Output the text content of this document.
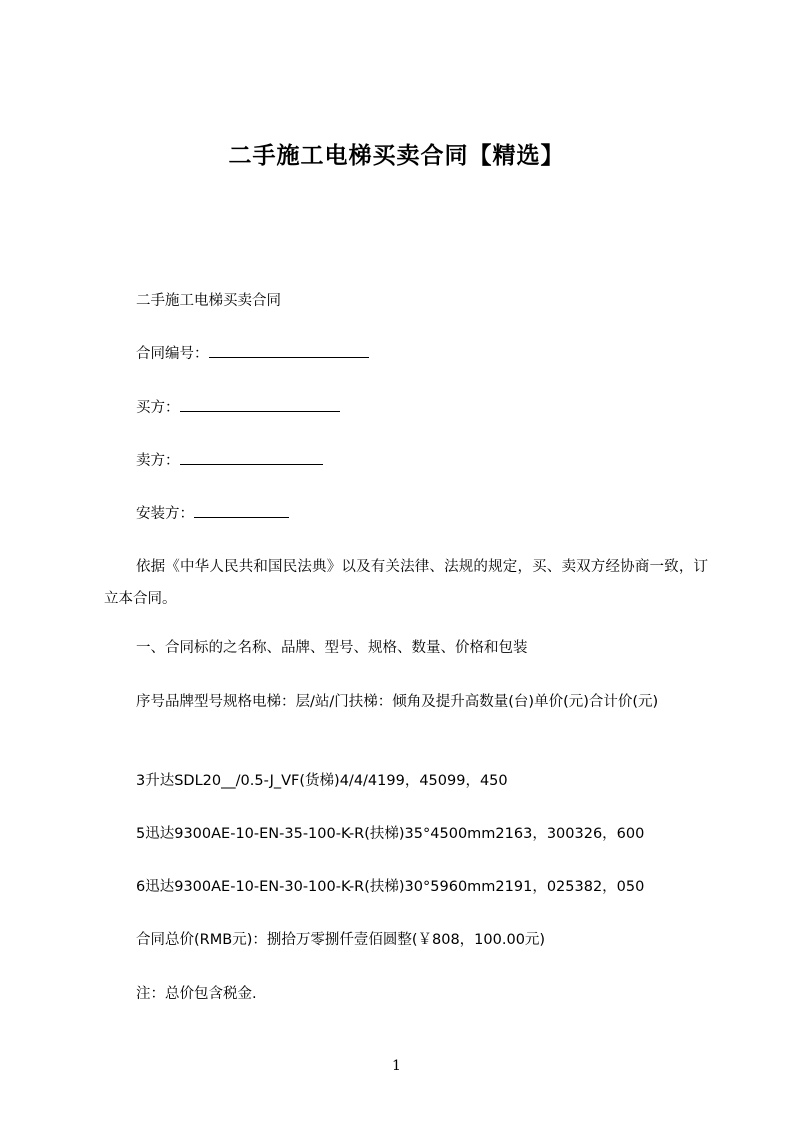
二手施工电梯买卖合同【精选】
二手施工电梯买卖合同
合同编号：
买方：
卖方：
安装方：
依据《中华人民共和国民法典》以及有关法律、法规的规定，买、卖双方经协商一致，订立本合同。
一、合同标的之名称、品牌、型号、规格、数量、价格和包装
序号品牌型号规格电梯：层/站/门扶梯：倾角及提升高数量(台)单价(元)合计价(元)
3升达SDL20__/0.5-J_VF(货梯)4/4/4199，45099，450
5迅达9300AE-10-EN-35-100-K-R(扶梯)35°4500mm2163，300326，600
6迅达9300AE-10-EN-30-100-K-R(扶梯)30°5960mm2191，025382，050
合同总价(RMB元)：捌拾万零捌仟壹佰圆整(￥808，100.00元)
注：总价包含税金.
1
